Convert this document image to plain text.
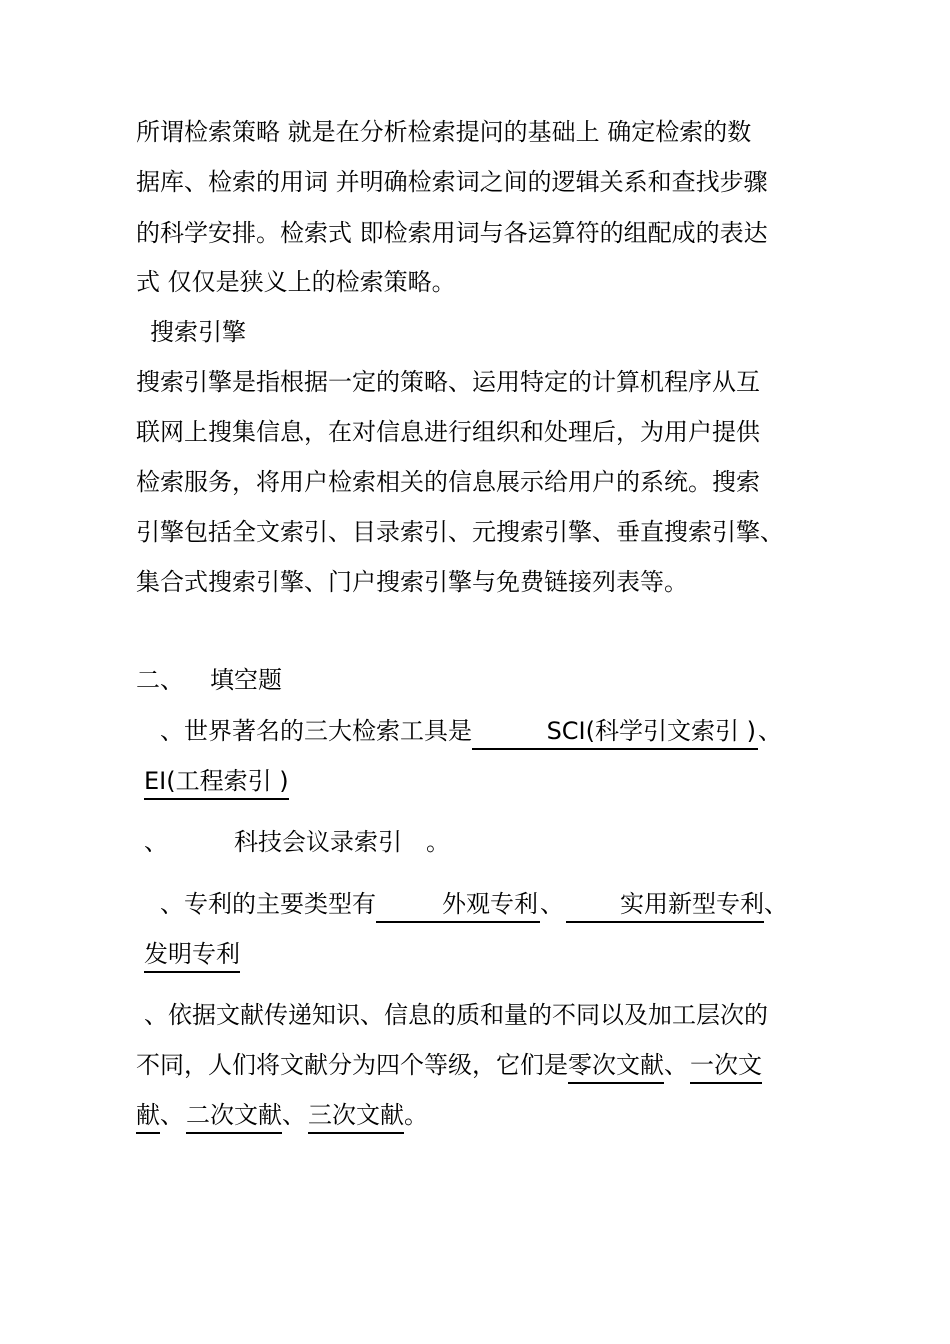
所谓检索策略 就是在分析检索提问的基础上 确定检索的数
据库、检索的用词 并明确检索词之间的逻辑关系和查找步骤
的科学安排。检索式 即检索用词与各运算符的组配成的表达
式 仅仅是狭义上的检索策略。
搜索引擎
搜索引擎是指根据一定的策略、运用特定的计算机程序从互
联网上搜集信息，在对信息进行组织和处理后，为用户提供
检索服务，将用户检索相关的信息展示给用户的系统。搜索
引擎包括全文索引、目录索引、元搜索引擎、垂直搜索引擎、
集合式搜索引擎、门户搜索引擎与免费链接列表等。
二、 填空题
、世界著名的三大检索工具是	SCI(科学引文索引 )、
EI(工程索引 )
、	科技会议录索引 。
、专利的主要类型有	外观专利、 实用新型专利、
发明专利
、依据文献传递知识、信息的质和量的不同以及加工层次的
不同，人们将文献分为四个等级，它们是零次文献、一次文
献、二次文献、三次文献。
